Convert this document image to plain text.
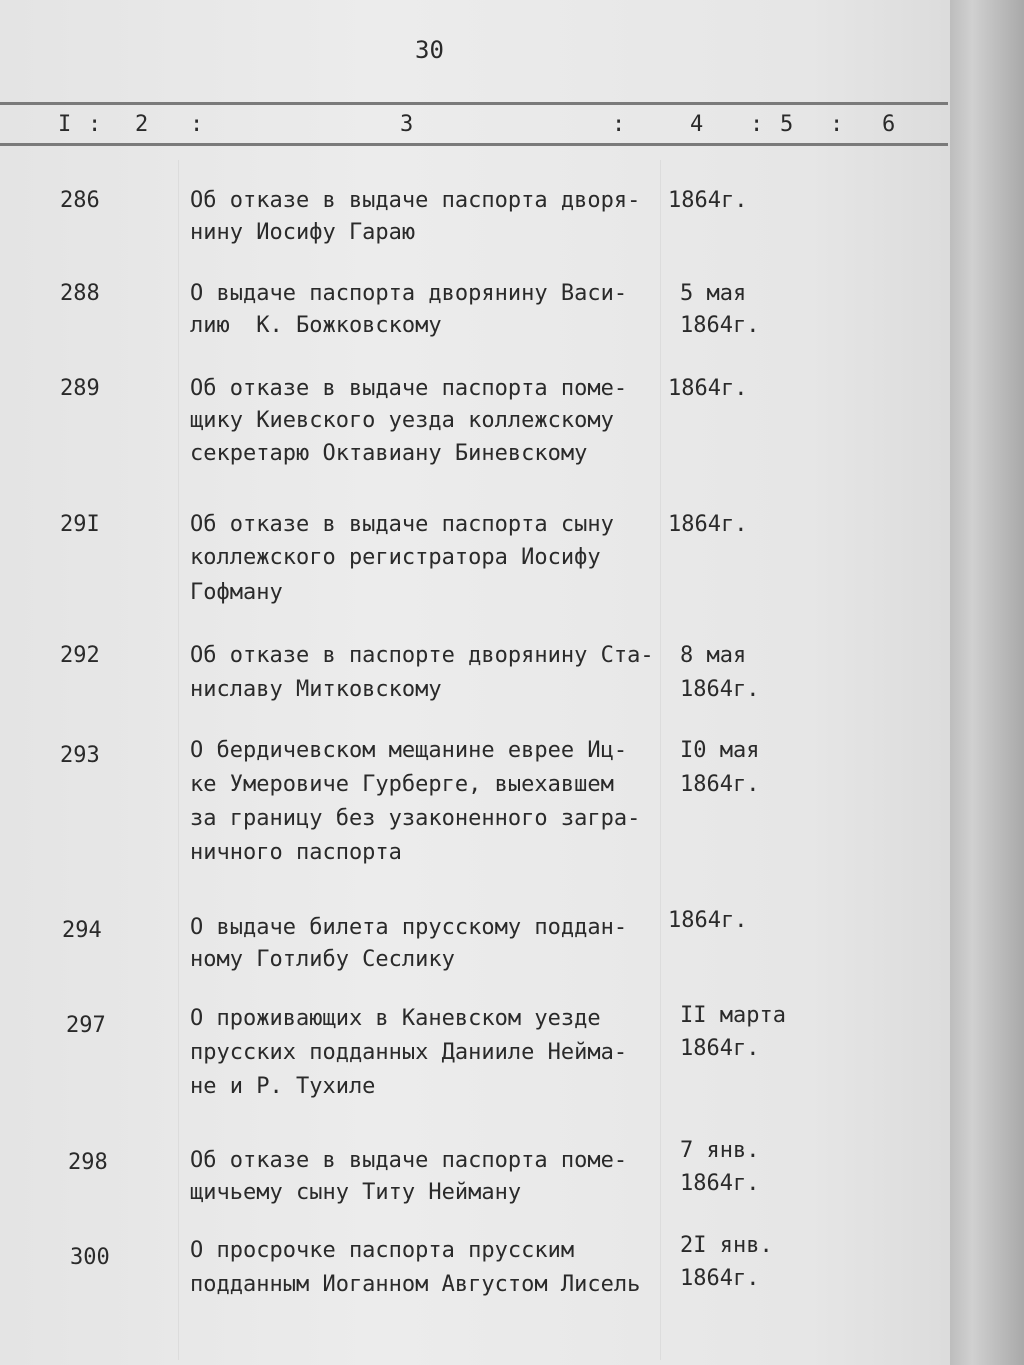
30
I : 2 :	3	:	4 : 5 : 6
286	Об отказе в выдаче паспорта дворя-
нину Иосифу Гараю
1864г.
288	О выдаче паспорта дворянину Васи-
лию  К. Божковскому
5 мая
1864г.
289	Об отказе в выдаче паспорта поме-
щику Киевского уезда коллежскому
секретарю Октавиану Биневскому
1864г.
29I	Об отказе в выдаче паспорта сыну
коллежского регистратора Иосифу
Гофману
1864г.
292	Об отказе в паспорте дворянину Ста-
ниславу Митковскому
8 мая
1864г.
293	О бердичевском мещанине еврее Иц-
ке Умеровиче Гурберге, выехавшем
за границу без узаконенного загра-
ничного паспорта
I0 мая
1864г.
294	О выдаче билета прусскому поддан-
ному Готлибу Сеслику
1864г.
297	О проживающих в Каневском уезде
прусских подданных Данииле Нейма-
не и Р. Тухиле
II марта
1864г.
298	Об отказе в выдаче паспорта поме-
щичьему сыну Титу Нейману
7 янв.
1864г.
300	О просрочке паспорта прусским
подданным Иоганном Августом Лисель
2I янв.
1864г.
